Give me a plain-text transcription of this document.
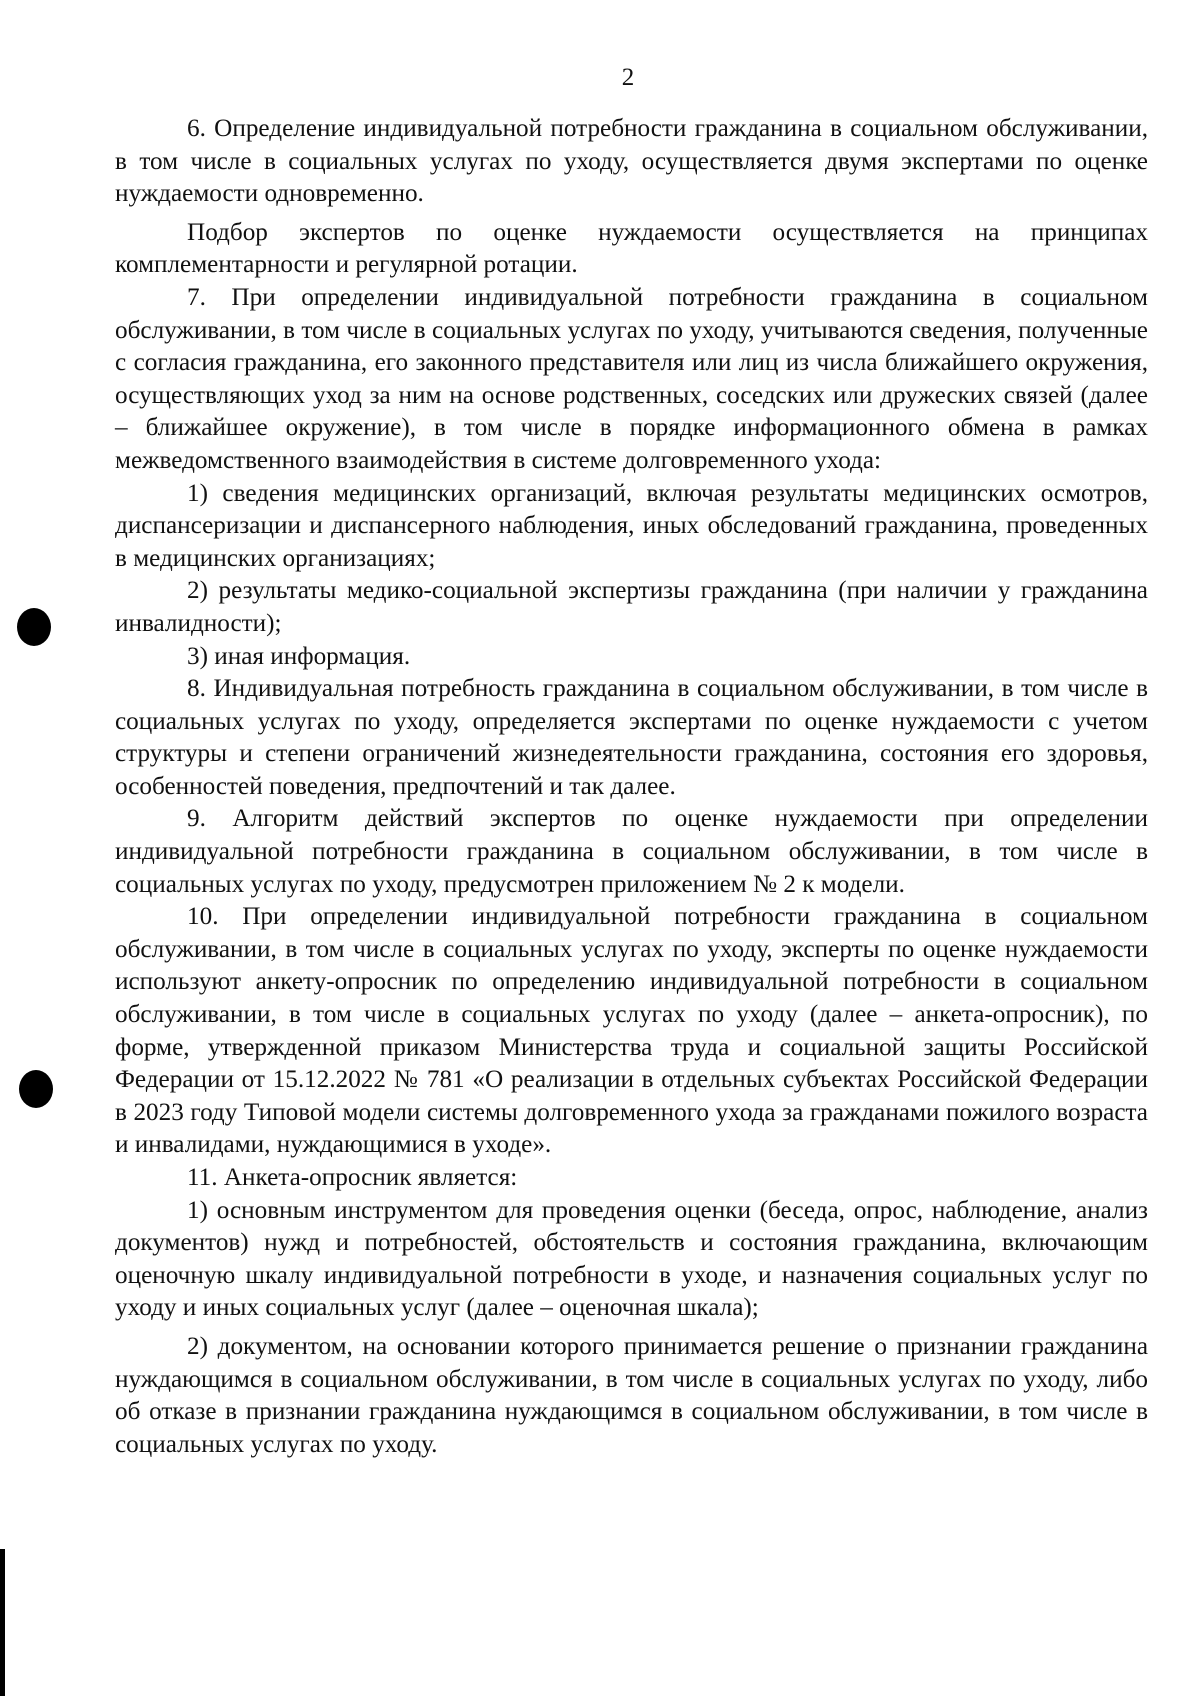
2

6. Определение индивидуальной потребности гражданина в социальном обслуживании, в том числе в социальных услугах по уходу, осуществляется двумя экспертами по оценке нуждаемости одновременно.

Подбор экспертов по оценке нуждаемости осуществляется на принципах комплементарности и регулярной ротации.

7. При определении индивидуальной потребности гражданина в социальном обслуживании, в том числе в социальных услугах по уходу, учитываются сведения, полученные с согласия гражданина, его законного представителя или лиц из числа ближайшего окружения, осуществляющих уход за ним на основе родственных, соседских или дружеских связей (далее – ближайшее окружение), в том числе в порядке информационного обмена в рамках межведомственного взаимодействия в системе долговременного ухода:

1) сведения медицинских организаций, включая результаты медицинских осмотров, диспансеризации и диспансерного наблюдения, иных обследований гражданина, проведенных в медицинских организациях;

2) результаты медико-социальной экспертизы гражданина (при наличии у гражданина инвалидности);

3) иная информация.

8. Индивидуальная потребность гражданина в социальном обслуживании, в том числе в социальных услугах по уходу, определяется экспертами по оценке нуждаемости с учетом структуры и степени ограничений жизнедеятельности гражданина, состояния его здоровья, особенностей поведения, предпочтений и так далее.

9. Алгоритм действий экспертов по оценке нуждаемости при определении индивидуальной потребности гражданина в социальном обслуживании, в том числе в социальных услугах по уходу, предусмотрен приложением № 2 к модели.

10. При определении индивидуальной потребности гражданина в социальном обслуживании, в том числе в социальных услугах по уходу, эксперты по оценке нуждаемости используют анкету-опросник по определению индивидуальной потребности в социальном обслуживании, в том числе в социальных услугах по уходу (далее – анкета-опросник), по форме, утвержденной приказом Министерства труда и социальной защиты Российской Федерации от 15.12.2022 № 781 «О реализации в отдельных субъектах Российской Федерации в 2023 году Типовой модели системы долговременного ухода за гражданами пожилого возраста и инвалидами, нуждающимися в уходе».

11. Анкета-опросник является:

1) основным инструментом для проведения оценки (беседа, опрос, наблюдение, анализ документов) нужд и потребностей, обстоятельств и состояния гражданина, включающим оценочную шкалу индивидуальной потребности в уходе, и назначения социальных услуг по уходу и иных социальных услуг (далее – оценочная шкала);

2) документом, на основании которого принимается решение о признании гражданина нуждающимся в социальном обслуживании, в том числе в социальных услугах по уходу, либо об отказе в признании гражданина нуждающимся в социальном обслуживании, в том числе в социальных услугах по уходу.
